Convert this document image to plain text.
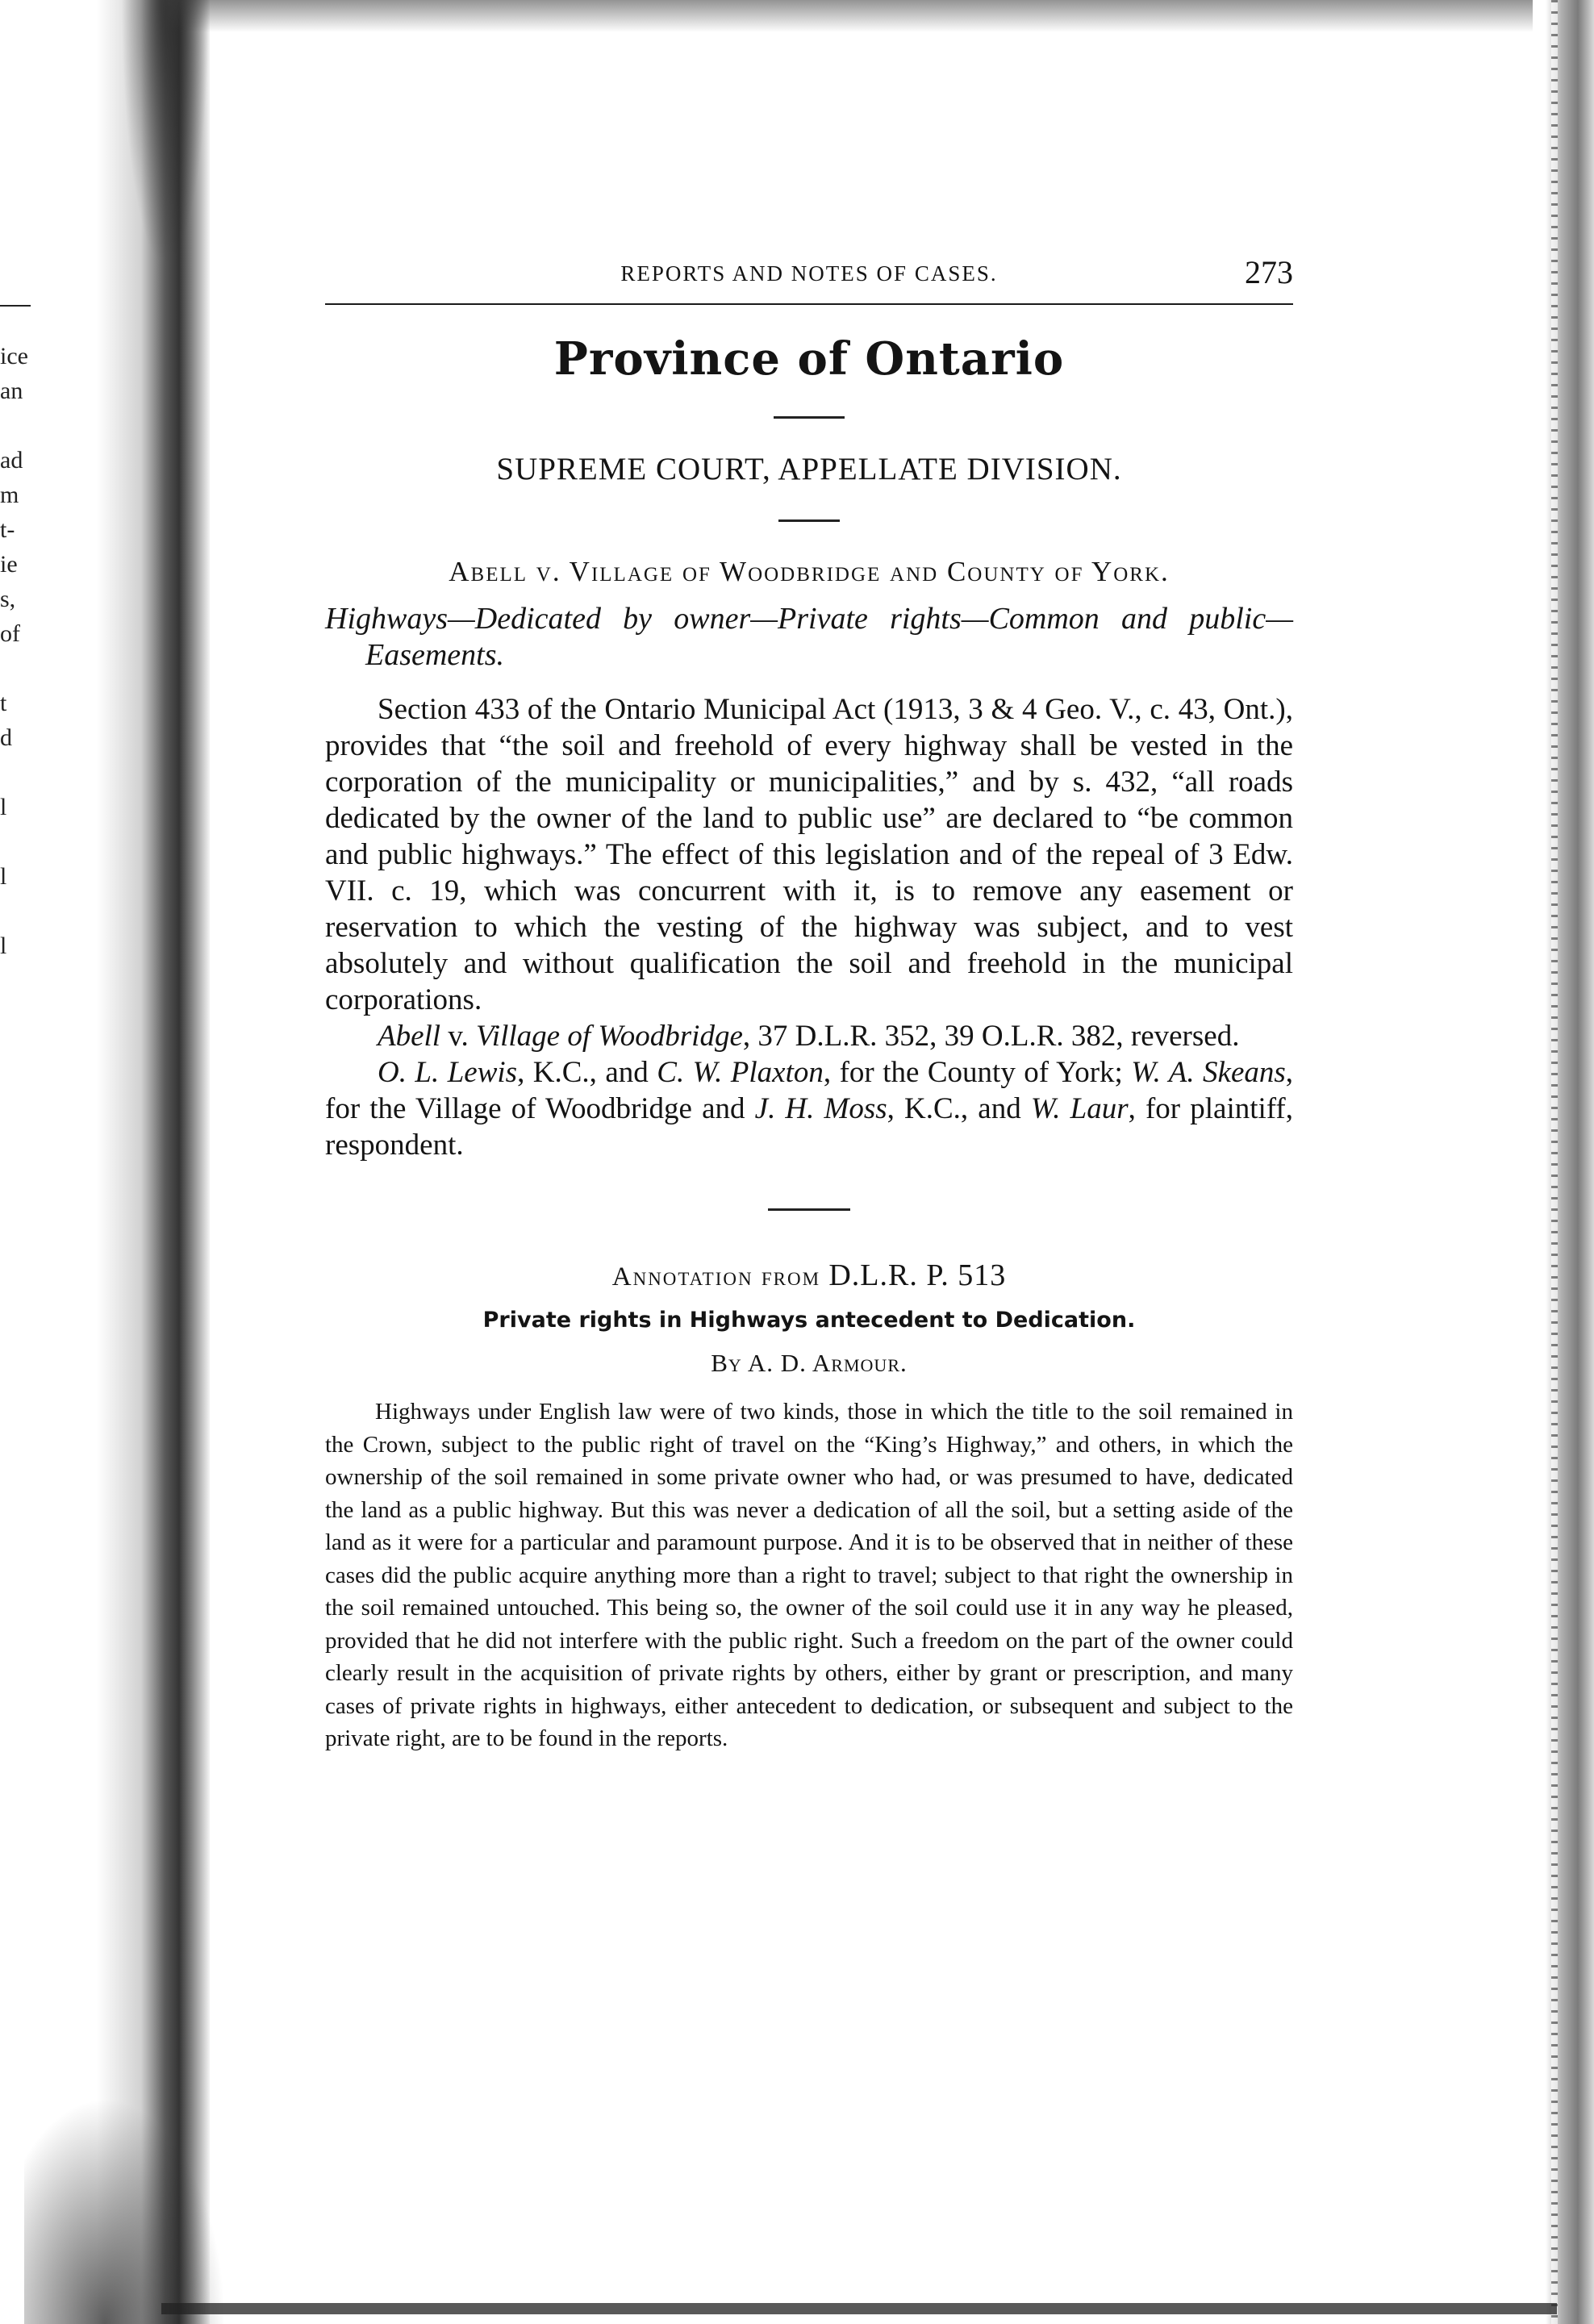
ice
an

ad
m
t-
ie
s,
of

t
d

l

l

l
REPORTS AND NOTES OF CASES.	273
Province of Ontario
SUPREME COURT, APPELLATE DIVISION.
Abell v. Village of Woodbridge and County of York.
Highways—Dedicated by owner—Private rights—Common and public—Easements.
Section 433 of the Ontario Municipal Act (1913, 3 & 4 Geo. V., c. 43, Ont.), provides that “the soil and freehold of every highway shall be vested in the corporation of the municipality or municipalities,” and by s. 432, “all roads dedicated by the owner of the land to public use” are declared to “be common and public highways.” The effect of this legislation and of the repeal of 3 Edw. VII. c. 19, which was concurrent with it, is to remove any easement or reservation to which the vesting of the highway was subject, and to vest absolutely and without qualification the soil and freehold in the municipal corporations.
Abell v. Village of Woodbridge, 37 D.L.R. 352, 39 O.L.R. 382, reversed.
O. L. Lewis, K.C., and C. W. Plaxton, for the County of York; W. A. Skeans, for the Village of Woodbridge and J. H. Moss, K.C., and W. Laur, for plaintiff, respondent.
Annotation from D.L.R. P. 513
Private rights in Highways antecedent to Dedication.
By A. D. Armour.
Highways under English law were of two kinds, those in which the title to the soil remained in the Crown, subject to the public right of travel on the “King’s Highway,” and others, in which the ownership of the soil remained in some private owner who had, or was presumed to have, dedicated the land as a public highway. But this was never a dedication of all the soil, but a setting aside of the land as it were for a particular and paramount purpose. And it is to be observed that in neither of these cases did the public acquire anything more than a right to travel; subject to that right the ownership in the soil remained untouched. This being so, the owner of the soil could use it in any way he pleased, provided that he did not interfere with the public right. Such a freedom on the part of the owner could clearly result in the acquisition of private rights by others, either by grant or prescription, and many cases of private rights in highways, either antecedent to dedication, or subsequent and subject to the private right, are to be found in the reports.
